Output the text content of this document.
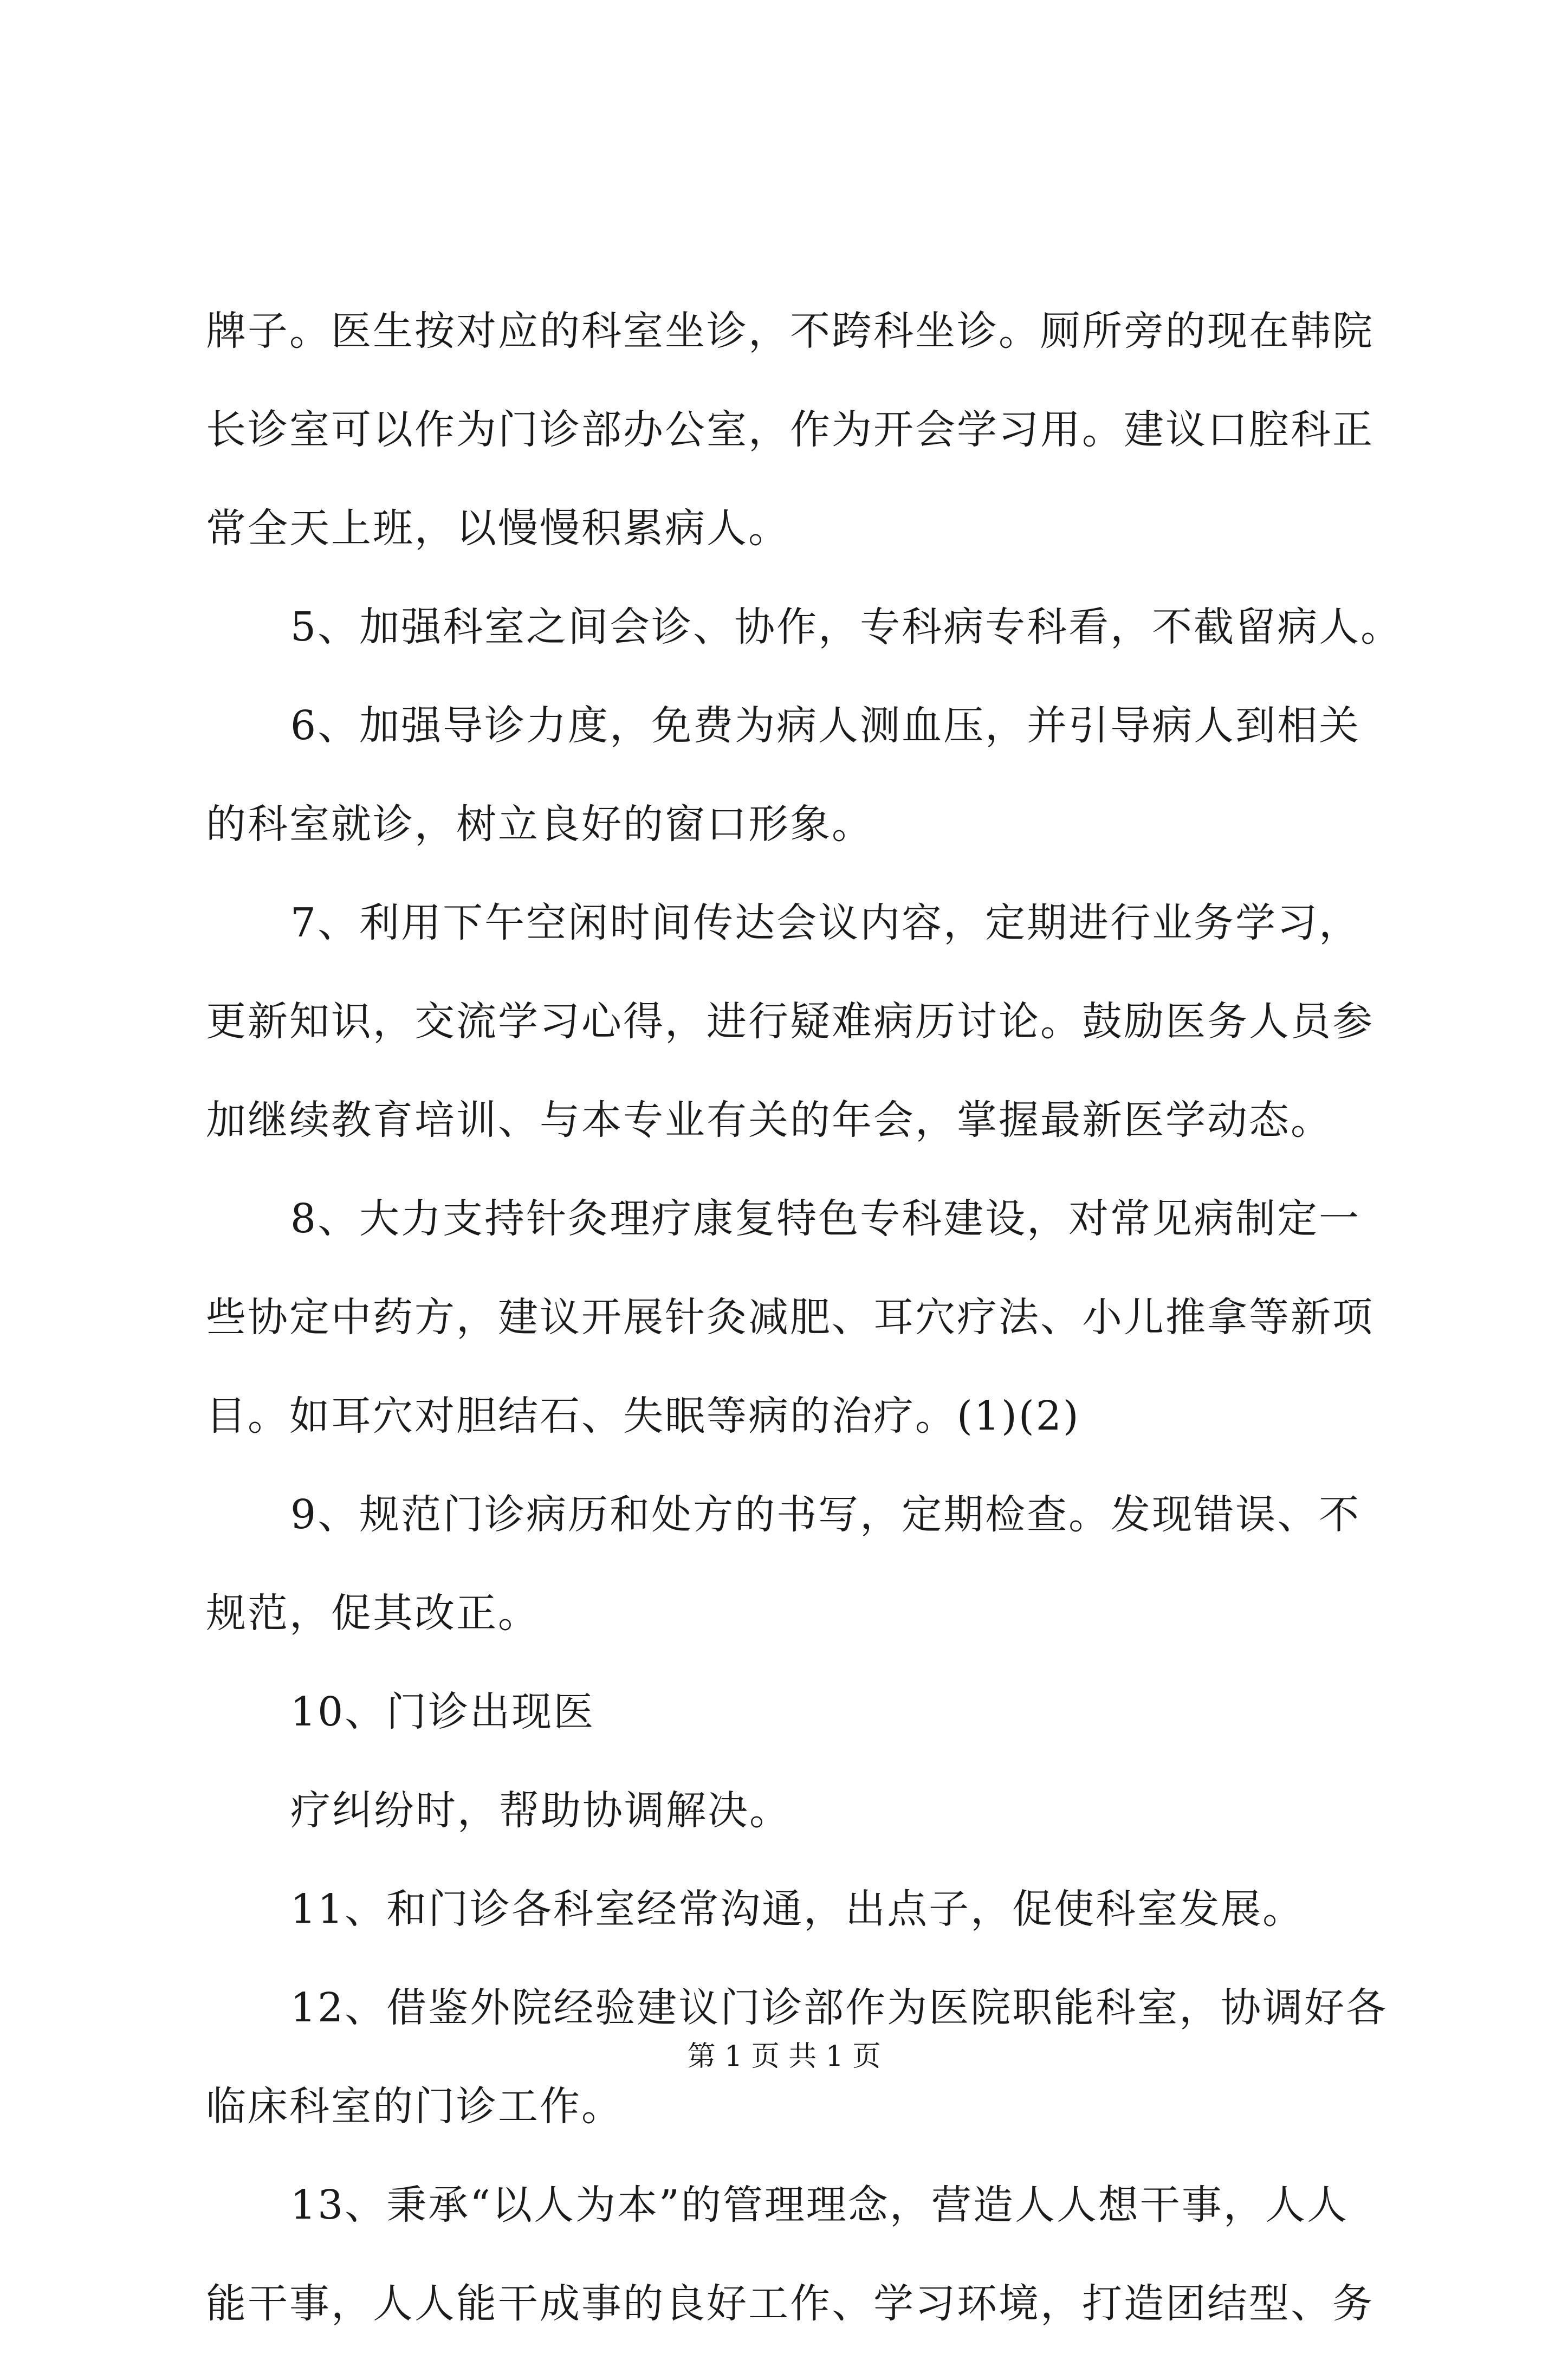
牌子。医生按对应的科室坐诊，不跨科坐诊。厕所旁的现在韩院
长诊室可以作为门诊部办公室，作为开会学习用。建议口腔科正
常全天上班，以慢慢积累病人。
5、加强科室之间会诊、协作，专科病专科看，不截留病人。
6、加强导诊力度，免费为病人测血压，并引导病人到相关
的科室就诊，树立良好的窗口形象。
7、利用下午空闲时间传达会议内容，定期进行业务学习，
更新知识，交流学习心得，进行疑难病历讨论。鼓励医务人员参
加继续教育培训、与本专业有关的年会，掌握最新医学动态。
8、大力支持针灸理疗康复特色专科建设，对常见病制定一
些协定中药方，建议开展针灸减肥、耳穴疗法、小儿推拿等新项
目。如耳穴对胆结石、失眠等病的治疗。(1)(2)
9、规范门诊病历和处方的书写，定期检查。发现错误、不
规范，促其改正。
10、门诊出现医
疗纠纷时，帮助协调解决。
11、和门诊各科室经常沟通，出点子，促使科室发展。
12、借鉴外院经验建议门诊部作为医院职能科室，协调好各
临床科室的门诊工作。
13、秉承“以人为本”的管理理念，营造人人想干事，人人
能干事，人人能干成事的良好工作、学习环境，打造团结型、务
第 1 页 共 1 页
